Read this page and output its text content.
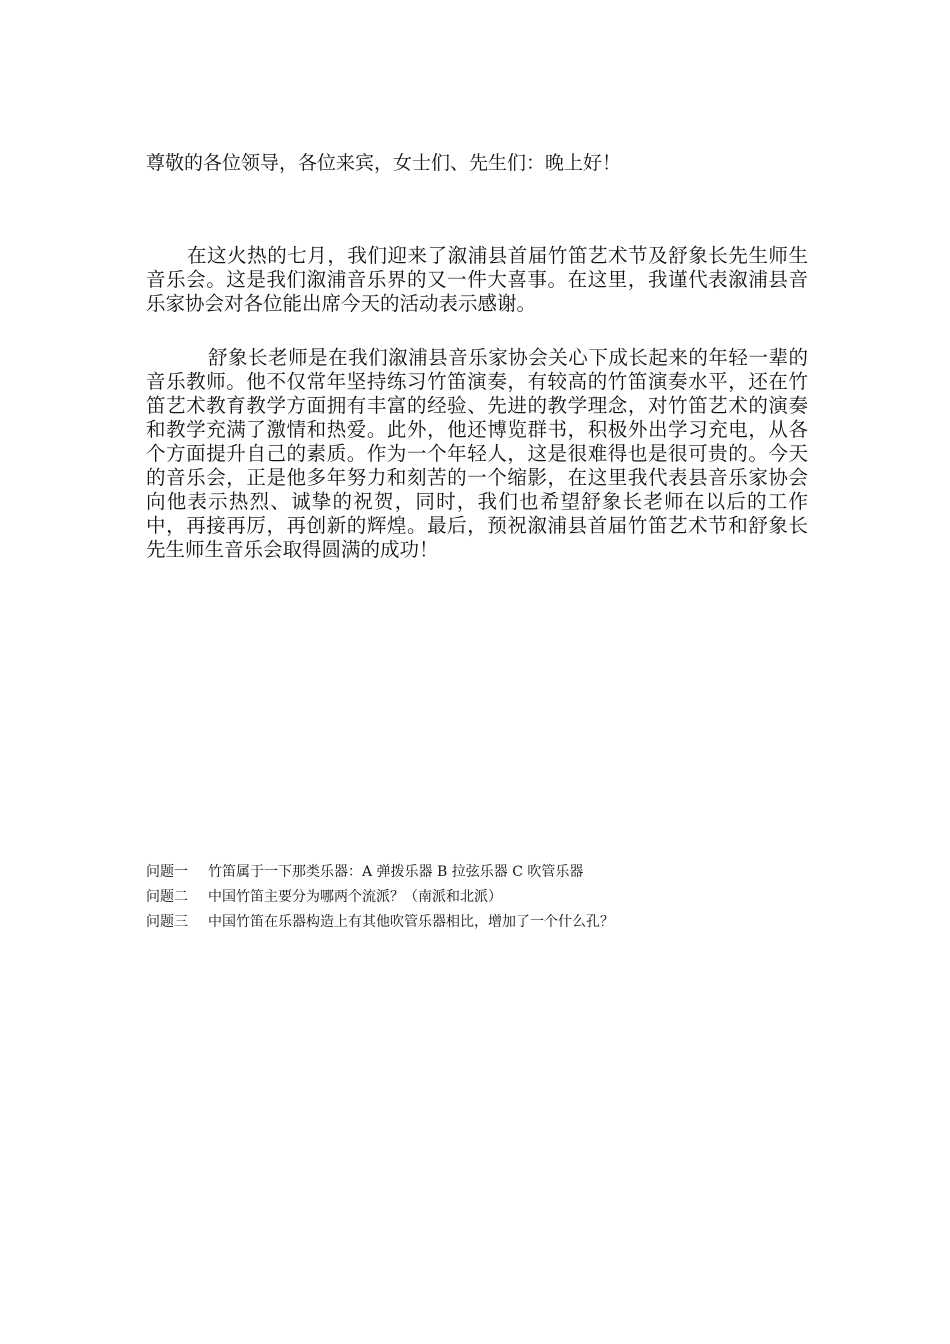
尊敬的各位领导，各位来宾，女士们、先生们：晚上好！

在这火热的七月，我们迎来了溆浦县首届竹笛艺术节及舒象长先生师生音乐会。这是我们溆浦音乐界的又一件大喜事。在这里，我谨代表溆浦县音乐家协会对各位能出席今天的活动表示感谢。

舒象长老师是在我们溆浦县音乐家协会关心下成长起来的年轻一辈的音乐教师。他不仅常年坚持练习竹笛演奏，有较高的竹笛演奏水平，还在竹笛艺术教育教学方面拥有丰富的经验、先进的教学理念，对竹笛艺术的演奏和教学充满了激情和热爱。此外，他还博览群书，积极外出学习充电，从各个方面提升自己的素质。作为一个年轻人，这是很难得也是很可贵的。今天的音乐会，正是他多年努力和刻苦的一个缩影，在这里我代表县音乐家协会向他表示热烈、诚挚的祝贺，同时，我们也希望舒象长老师在以后的工作中，再接再厉，再创新的辉煌。最后，预祝溆浦县首届竹笛艺术节和舒象长先生师生音乐会取得圆满的成功！

问题一 竹笛属于一下那类乐器：A 弹拨乐器 B 拉弦乐器 C 吹管乐器
问题二 中国竹笛主要分为哪两个流派？（南派和北派）
问题三 中国竹笛在乐器构造上有其他吹管乐器相比，增加了一个什么孔？
